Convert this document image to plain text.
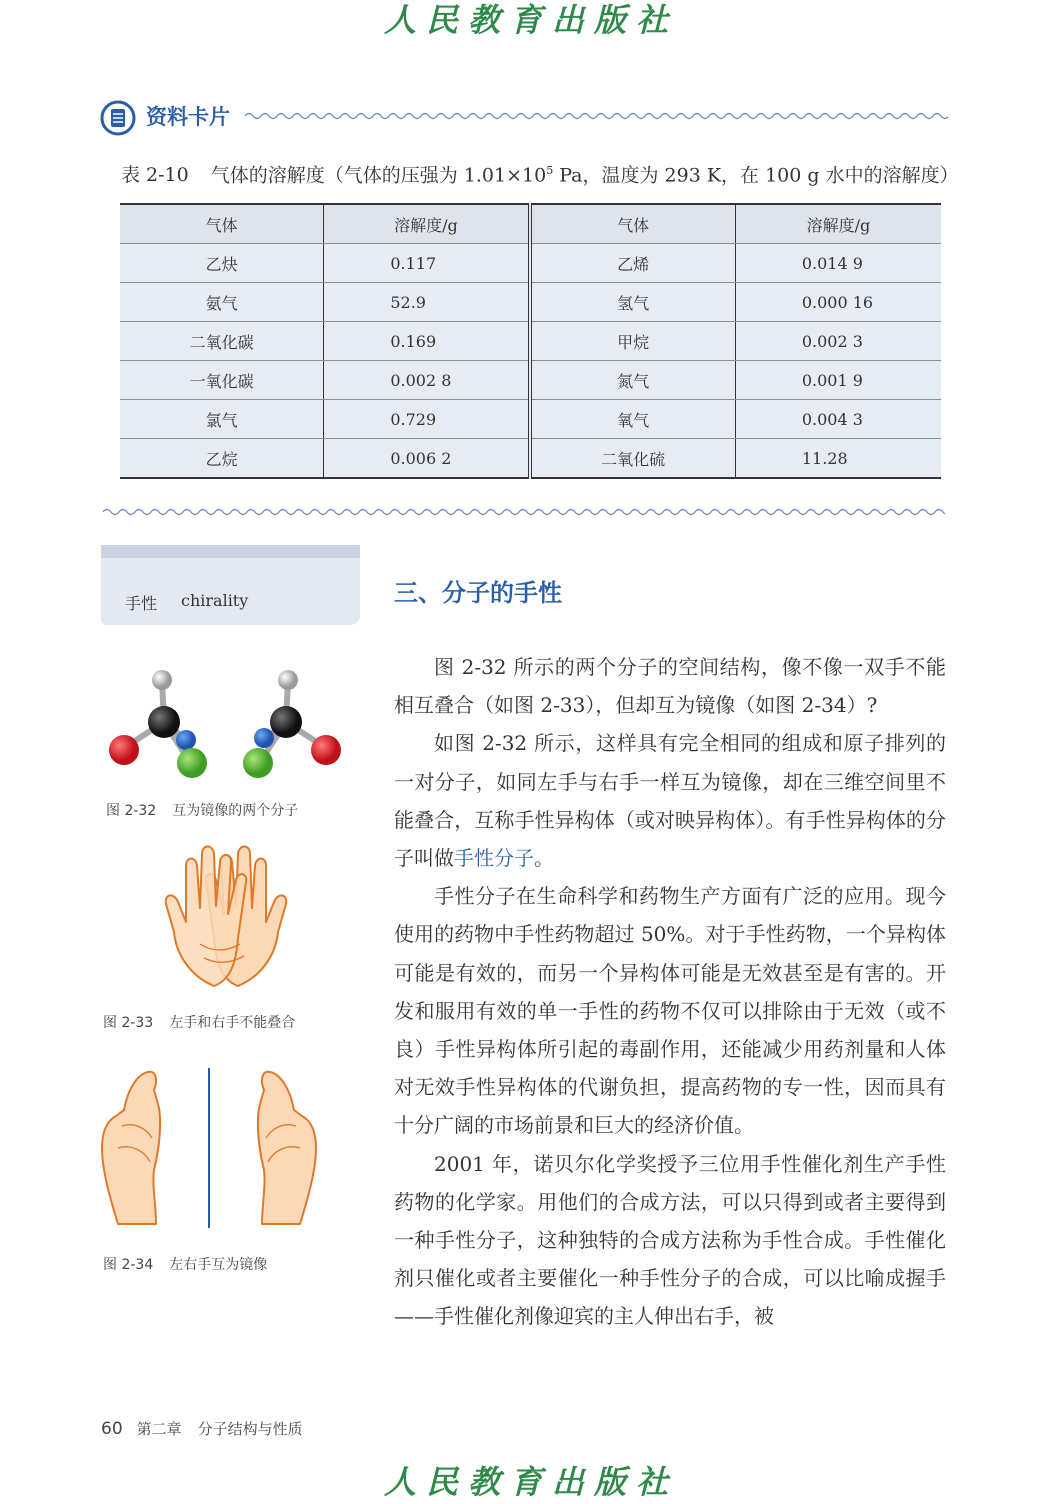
人民教育出版社
资料卡片
表 2-10 气体的溶解度（气体的压强为 $1.01\times 10^5$ Pa，温度为 293 K，在 100 g 水中的溶解度）
气体	溶解度/g	气体	溶解度/g
乙炔	0.117	乙烯	0.014 9
氨气	52.9	氢气	0.000 16
二氧化碳	0.169	甲烷	0.002 3
一氧化碳	0.002 8	氮气	0.001 9
氯气	0.729	氧气	0.004 3
乙烷	0.006 2	二氧化硫	11.28
手性 chirality
图 2-32 互为镜像的两个分子
图 2-33 左手和右手不能叠合
图 2-34 左右手互为镜像
三、分子的手性

图 2-32 所示的两个分子的空间结构，像不像一双手不能相互叠合（如图 2-33），但却互为镜像（如图 2-34）?

如图 2-32 所示，这样具有完全相同的组成和原子排列的一对分子，如同左手与右手一样互为镜像，却在三维空间里不能叠合，互称手性异构体（或对映异构体）。有手性异构体的分子叫做手性分子。

手性分子在生命科学和药物生产方面有广泛的应用。现今使用的药物中手性药物超过 50%。对于手性药物，一个异构体可能是有效的，而另一个异构体可能是无效甚至是有害的。开发和服用有效的单一手性的药物不仅可以排除由于无效（或不良）手性异构体所引起的毒副作用，还能减少用药剂量和人体对无效手性异构体的代谢负担，提高药物的专一性，因而具有十分广阔的市场前景和巨大的经济价值。

2001 年，诺贝尔化学奖授予三位用手性催化剂生产手性药物的化学家。用他们的合成方法，可以只得到或者主要得到一种手性分子，这种独特的合成方法称为手性合成。手性催化剂只催化或者主要催化一种手性分子的合成，可以比喻成握手——手性催化剂像迎宾的主人伸出右手，被

60 第二章 分子结构与性质
人民教育出版社
